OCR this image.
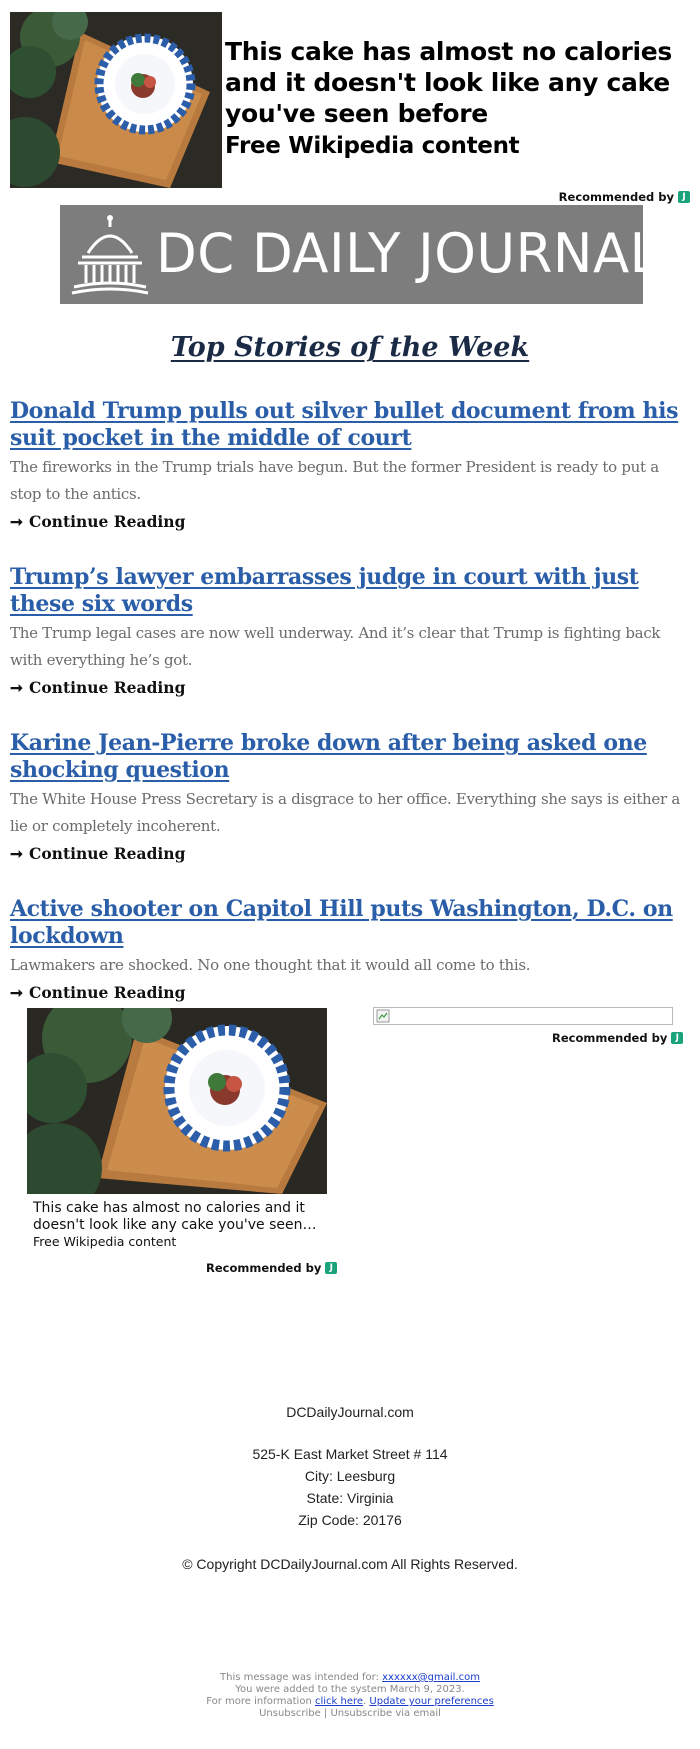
This cake has almost no calories and it doesn't look like any cake you've seen before
Free Wikipedia content
Recommended by J
DC DAILY JOURNAL
Top Stories of the Week
Donald Trump pulls out silver bullet document from his suit pocket in the middle of court

The fireworks in the Trump trials have begun. But the former President is ready to put a stop to the antics.

➞ Continue Reading
Trump’s lawyer embarrasses judge in court with just these six words

The Trump legal cases are now well underway. And it’s clear that Trump is fighting back with everything he’s got.

➞ Continue Reading
Karine Jean-Pierre broke down after being asked one shocking question

The White House Press Secretary is a disgrace to her office. Everything she says is either a lie or completely incoherent.

➞ Continue Reading
Active shooter on Capitol Hill puts Washington, D.C. on lockdown

Lawmakers are shocked. No one thought that it would all come to this.

➞ Continue Reading
This cake has almost no calories and it doesn't look like any cake you've seen…
Free Wikipedia content
Recommended by J
Recommended by J
DCDailyJournal.com
525-K East Market Street # 114
City: Leesburg
State: Virginia
Zip Code: 20176
© Copyright DCDailyJournal.com All Rights Reserved.
This message was intended for: xxxxxx@gmail.com
You were added to the system March 9, 2023.
For more information click here. Update your preferences
Unsubscribe | Unsubscribe via email
